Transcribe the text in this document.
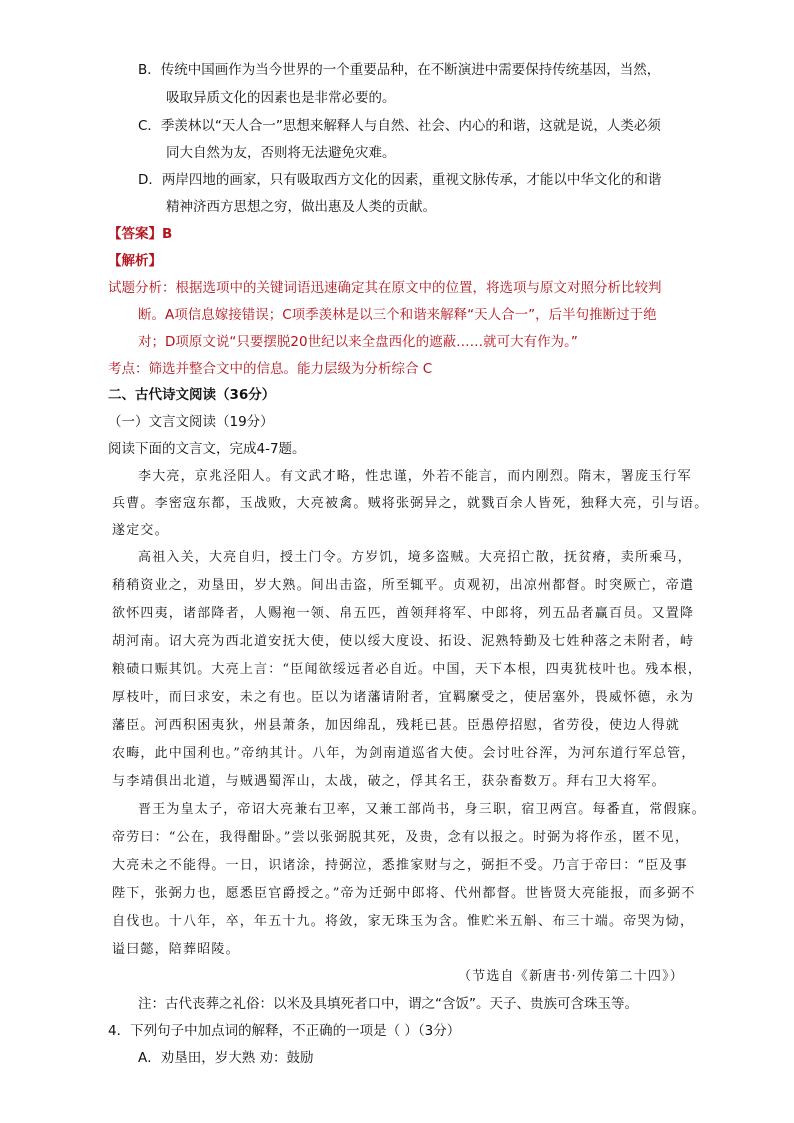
B．传统中国画作为当今世界的一个重要品种，在不断演进中需要保持传统基因，当然，
吸取异质文化的因素也是非常必要的。
C．季羡林以“天人合一”思想来解释人与自然、社会、内心的和谐，这就是说，人类必须
同大自然为友，否则将无法避免灾难。
D．两岸四地的画家，只有吸取西方文化的因素，重视文脉传承，才能以中华文化的和谐
精神济西方思想之穷，做出惠及人类的贡献。
【答案】B
【解析】
试题分析：根据选项中的关键词语迅速确定其在原文中的位置，将选项与原文对照分析比较判
断。A项信息嫁接错误；C项季羡林是以三个和谐来解释“天人合一”，后半句推断过于绝
对；D项原文说“只要摆脱20世纪以来全盘西化的遮蔽……就可大有作为。”
考点：筛选并整合文中的信息。能力层级为分析综合 C
二、古代诗文阅读（36分）
（一）文言文阅读（19分）
阅读下面的文言文，完成4-7题。
李大亮，京兆泾阳人。有文武才略，性忠谨，外若不能言，而内刚烈。隋末，署庞玉行军
兵曹。李密寇东都，玉战败，大亮被禽。贼将张弼异之，就戮百余人皆死，独释大亮，引与语。
遂定交。
高祖入关，大亮自归，授土门令。方岁饥，境多盗贼。大亮招亡散，抚贫瘠，卖所乘马，
稍稍资业之，劝垦田，岁大熟。间出击盗，所至辄平。贞观初，出凉州都督。时突厥亡，帝遣
欲怀四夷，诸部降者，人赐袍一领、帛五匹，酋领拜将军、中郎将，列五品者赢百员。又置降
胡河南。诏大亮为西北道安抚大使，使以绥大度设、拓设、泥熟特勤及七姓种落之未附者，峙
粮碛口赈其饥。大亮上言：“臣闻欲绥远者必自近。中国，天下本根，四夷犹枝叶也。残本根，
厚枝叶，而曰求安，未之有也。臣以为诸藩请附者，宜羁縻受之，使居塞外，畏威怀德，永为
藩臣。河西积困夷狄，州县萧条，加因绵乱，残耗已甚。臣愚停招慰，省劳役，使边人得就
农畮，此中国利也。”帝纳其计。八年，为剑南道巡省大使。会讨吐谷浑，为河东道行军总管，
与李靖俱出北道，与贼遇蜀浑山，太战，破之，俘其名王，获杂畜数万。拜右卫大将军。
晋王为皇太子，帝诏大亮兼右卫率，又兼工部尚书，身三职，宿卫两宫。每番直，常假寐。
帝劳曰：“公在，我得酣卧。”尝以张弼脱其死，及贵，念有以报之。时弼为将作丞，匿不见，
大亮未之不能得。一日，识诸涂，持弼泣，悉推家财与之，弼拒不受。乃言于帝曰：“臣及事
陛下，张弼力也，愿悉臣官爵授之。”帝为迁弼中郎将、代州都督。世皆贤大亮能报，而多弼不
自伐也。十八年，卒，年五十九。将敛，家无珠玉为含。惟贮米五斛、布三十端。帝哭为恸，
谥曰懿，陪葬昭陵。
（节选自《新唐书·列传第二十四》）
注：古代丧葬之礼俗：以米及具填死者口中，谓之“含饭”。天子、贵族可含珠玉等。
4．下列句子中加点词的解释，不正确的一项是（ ）（3分）
A．劝垦田，岁大熟 劝：鼓励
